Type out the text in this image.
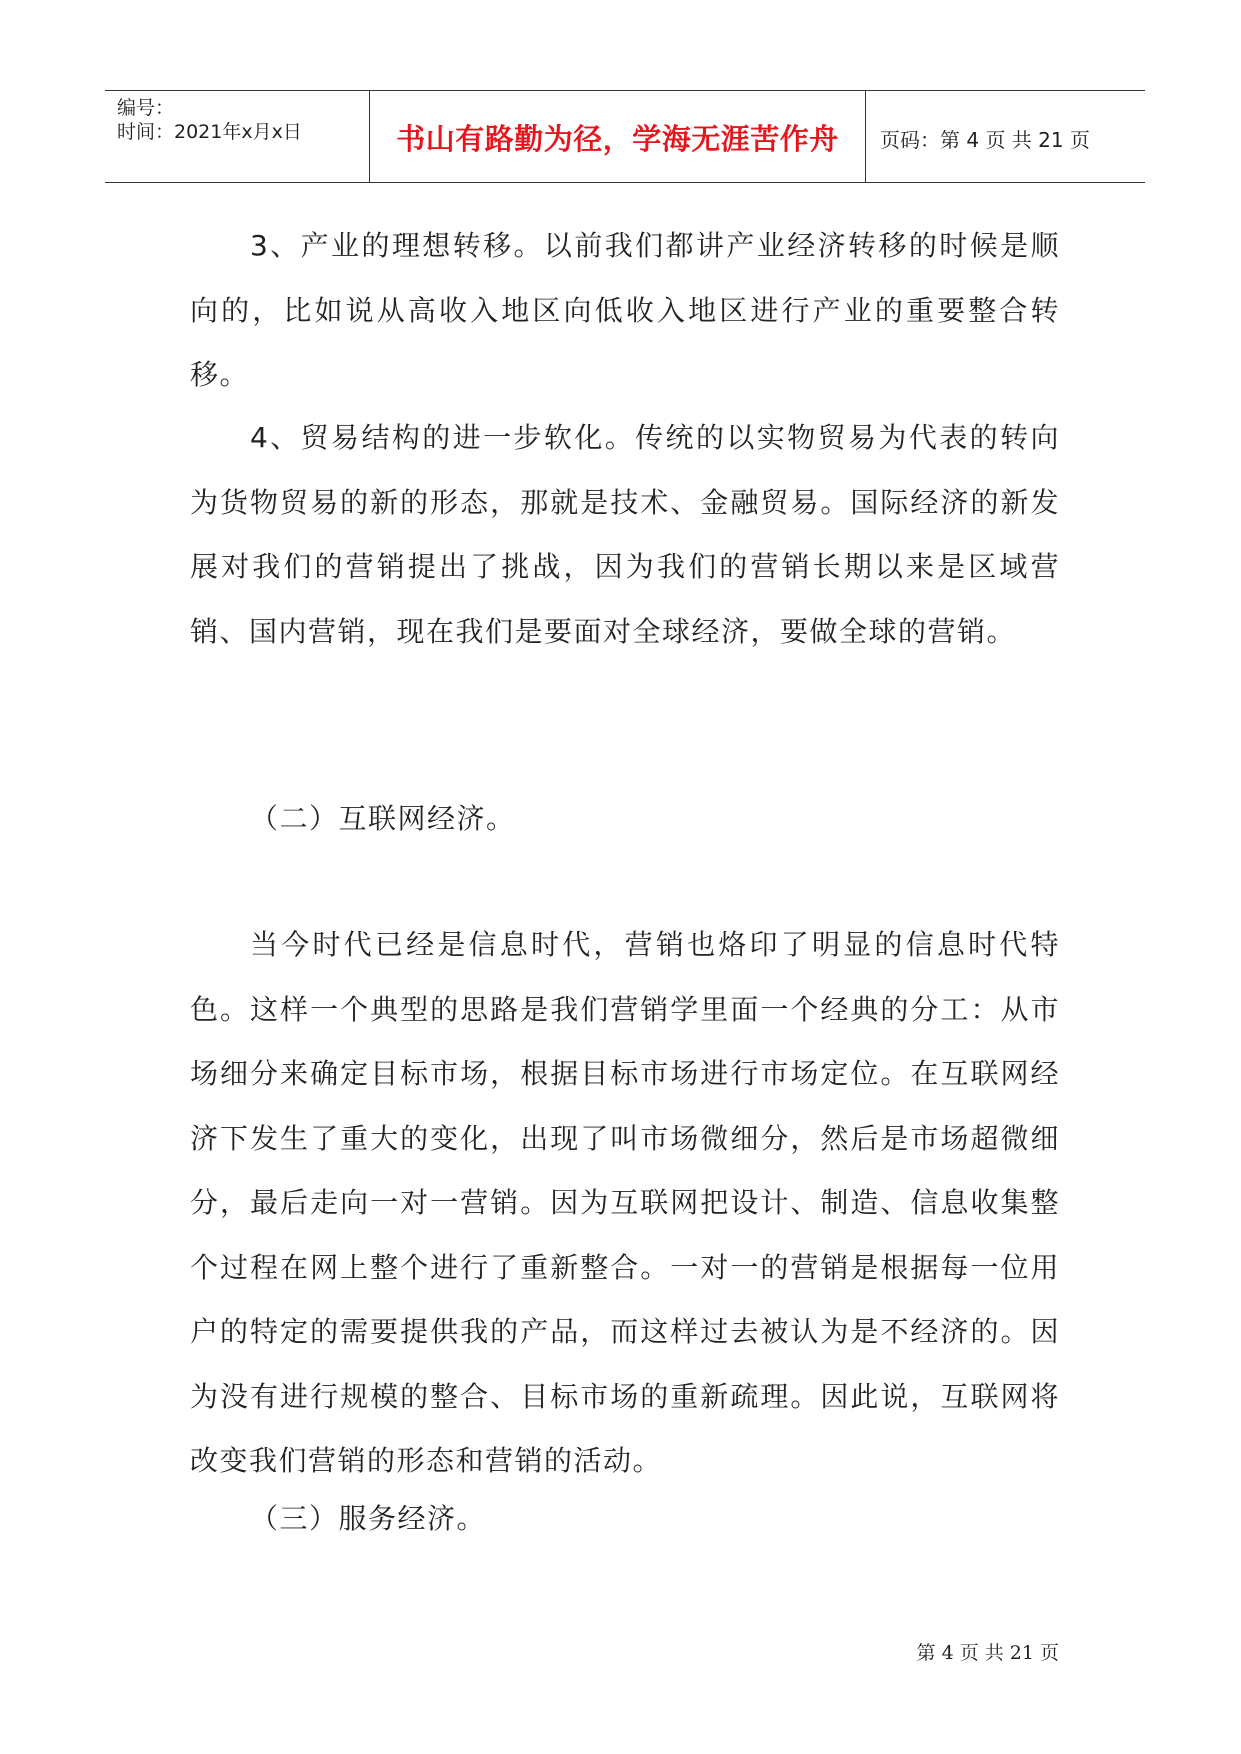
编号：
时间：2021年x月x日	书山有路勤为径，学海无涯苦作舟	页码：第 4 页 共 21 页
3、产业的理想转移。以前我们都讲产业经济转移的时候是顺向的，比如说从高收入地区向低收入地区进行产业的重要整合转移。
4、贸易结构的进一步软化。传统的以实物贸易为代表的转向为货物贸易的新的形态，那就是技术、金融贸易。国际经济的新发展对我们的营销提出了挑战，因为我们的营销长期以来是区域营销、国内营销，现在我们是要面对全球经济，要做全球的营销。
（二）互联网经济。
当今时代已经是信息时代，营销也烙印了明显的信息时代特色。这样一个典型的思路是我们营销学里面一个经典的分工：从市场细分来确定目标市场，根据目标市场进行市场定位。在互联网经济下发生了重大的变化，出现了叫市场微细分，然后是市场超微细分，最后走向一对一营销。因为互联网把设计、制造、信息收集整个过程在网上整个进行了重新整合。一对一的营销是根据每一位用户的特定的需要提供我的产品，而这样过去被认为是不经济的。因为没有进行规模的整合、目标市场的重新疏理。因此说，互联网将改变我们营销的形态和营销的活动。
（三）服务经济。
第 4 页 共 21 页
